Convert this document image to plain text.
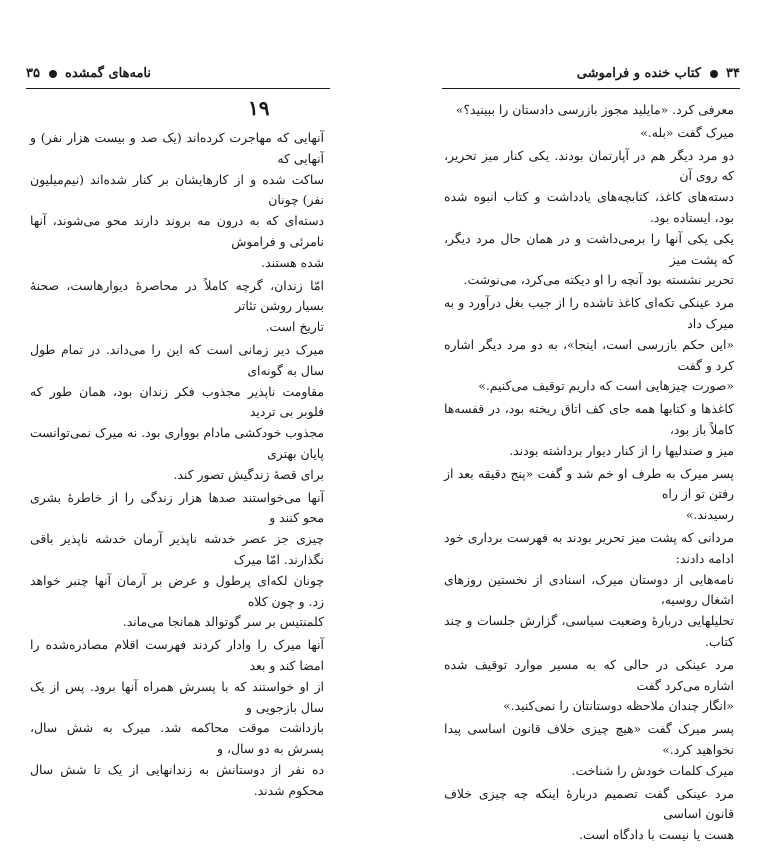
نامه‌های گمشده  ۳۵
۱۹

آنهایی که مهاجرت کرده‌اند (یک صد و بیست هزار نفر) و آنهایی که
ساکت شده و از کارهایشان بر کنار شده‌اند (نیم‌میلیون نفر) چونان
دسته‌ای که به درون مه بروند دارند محو می‌شوند، آنها نامرئی و فراموش
شده هستند.

امّا زندان، گرچه کاملاً در محاصرهٔ دیوارهاست، صحنهٔ بسیار روشن تئاتر
تاریخ است.

میرک دیر زمانی است که این را می‌داند. در تمام طول سال به گونه‌ای
مقاومت ناپذیر مجذوب فکر زندان بود، همان طور که فلوبر بی تردید
مجذوب خودکشی مادام بوواری بود. نه میرک نمی‌توانست پایان بهتری
برای قصهٔ زندگیش تصور کند.

آنها می‌خواستند صدها هزار زندگی را از خاطرهٔ بشری محو کنند و
چیزی جز عصر خدشه ناپذیر آرمان خدشه ناپذیر باقی نگذارند. امّا میرک
چونان لکه‌ای پرطول و عرض بر آرمان آنها چنبر خواهد زد. و چون کلاه
کلمنتیس بر سر گوتوالد همانجا می‌ماند.

آنها میرک را وادار کردند فهرست اقلام مصادره‌شده را امضا کند و بعد
از او خواستند که با پسرش همراه آنها برود. پس از یک سال بازجویی و
بازداشت موقت محاکمه شد. میرک به شش سال، پسرش به دو سال، و
ده نفر از دوستانش به زندانهایی از یک تا شش سال محکوم شدند.

۳۴  کتاب خنده و فراموشی

معرفی کرد. «مایلید مجوز بازرسی دادستان را ببینید؟»

میرک گفت «بله.»

دو مرد دیگر هم در آپارتمان بودند. یکی کنار میز تحریر، که روی آن
دسته‌های کاغذ، کتابچه‌های یادداشت و کتاب انبوه شده بود، ایستاده بود.
یکی یکی آنها را برمی‌داشت و در همان حال مرد دیگر، که پشت میز
تحریر نشسته بود آنچه را او دیکته می‌کرد، می‌نوشت.

مرد عینکی تکه‌ای کاغذ تاشده را از جیب بغل درآورد و به میرک داد
«این حکم بازرسی است، اینجا»، به دو مرد دیگر اشاره کرد و گفت
«صورت چیزهایی است که داریم توقیف می‌کنیم.»

کاغذها و کتابها همه جای کف اتاق ریخته بود، در قفسه‌ها کاملاً باز بود،
میز و صندلیها را از کنار دیوار برداشته بودند.

پسر میرک به طرف او خم شد و گفت «پنج دقیقه بعد از رفتن تو از راه
رسیدند.»

مردانی که پشت میز تحریر بودند به فهرست برداری خود ادامه دادند:
نامه‌هایی از دوستان میرک، اسنادی از نخستین روزهای اشغال روسیه،
تحلیلهایی دربارهٔ وضعیت سیاسی، گزارش جلسات و چند کتاب.

مرد عینکی در حالی که به مسیر موارد توقیف شده اشاره می‌کرد گفت
«انگار چندان ملاحظه دوستانتان را نمی‌کنید.»

پسر میرک گفت «هیچ چیزی خلاف قانون اساسی پیدا نخواهید کرد.»
میرک کلمات خودش را شناخت.

مرد عینکی گفت تصمیم دربارهٔ اینکه چه چیزی خلاف قانون اساسی
هست یا نیست با دادگاه است.
